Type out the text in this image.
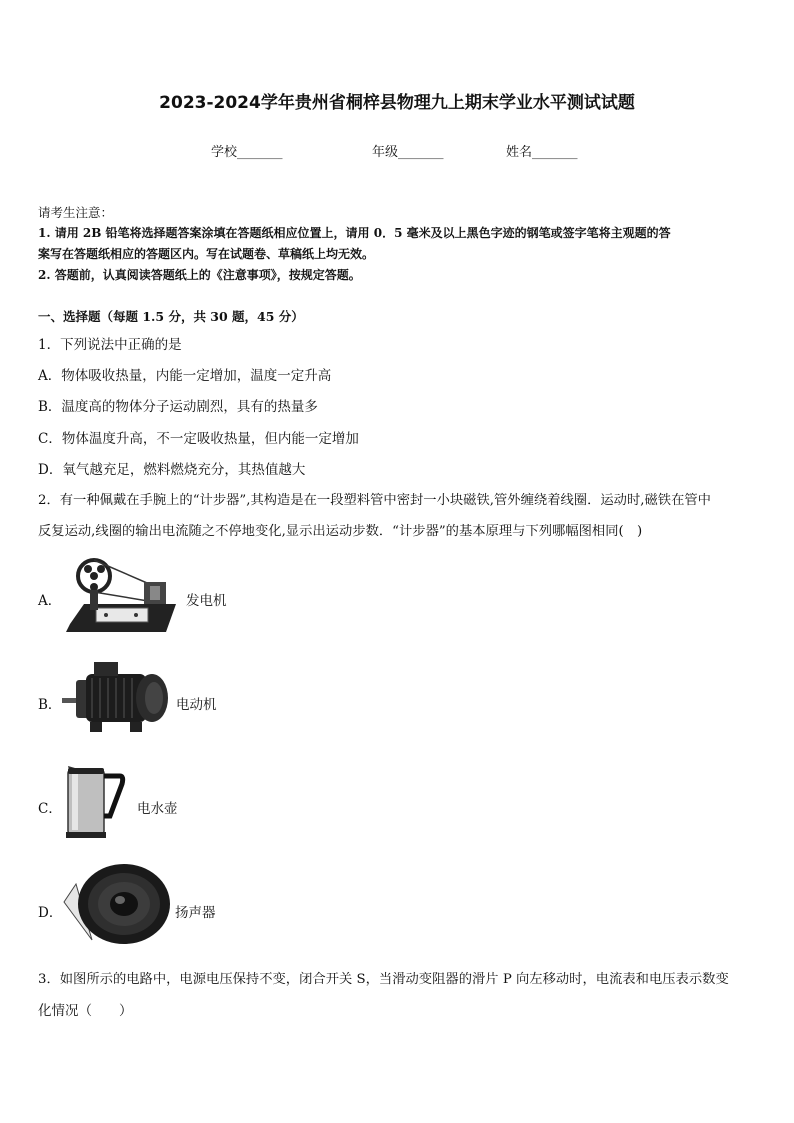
2023-2024学年贵州省桐梓县物理九上期末学业水平测试试题
学校_______	年级_______	姓名_______
请考生注意：
1. 请用 2B 铅笔将选择题答案涂填在答题纸相应位置上，请用 0．5 毫米及以上黑色字迹的钢笔或签字笔将主观题的答
案写在答题纸相应的答题区内。写在试题卷、草稿纸上均无效。
2. 答题前，认真阅读答题纸上的《注意事项》，按规定答题。
一、选择题（每题 1.5 分，共 30 题，45 分）
1．下列说法中正确的是
A．物体吸收热量，内能一定增加，温度一定升高
B．温度高的物体分子运动剧烈，具有的热量多
C．物体温度升高，不一定吸收热量，但内能一定增加
D．氧气越充足，燃料燃烧充分，其热值越大
2．有一种佩戴在手腕上的“计步器”,其构造是在一段塑料管中密封一小块磁铁,管外缠绕着线圈．运动时,磁铁在管中
反复运动,线圈的输出电流随之不停地变化,显示出运动步数．“计步器”的基本原理与下列哪幅图相同(　)
A．	发电机
B．	电动机
C．	电水壶
D．	扬声器
3．如图所示的电路中，电源电压保持不变，闭合开关 S，当滑动变阻器的滑片 P 向左移动时，电流表和电压表示数变
化情况（　　）
